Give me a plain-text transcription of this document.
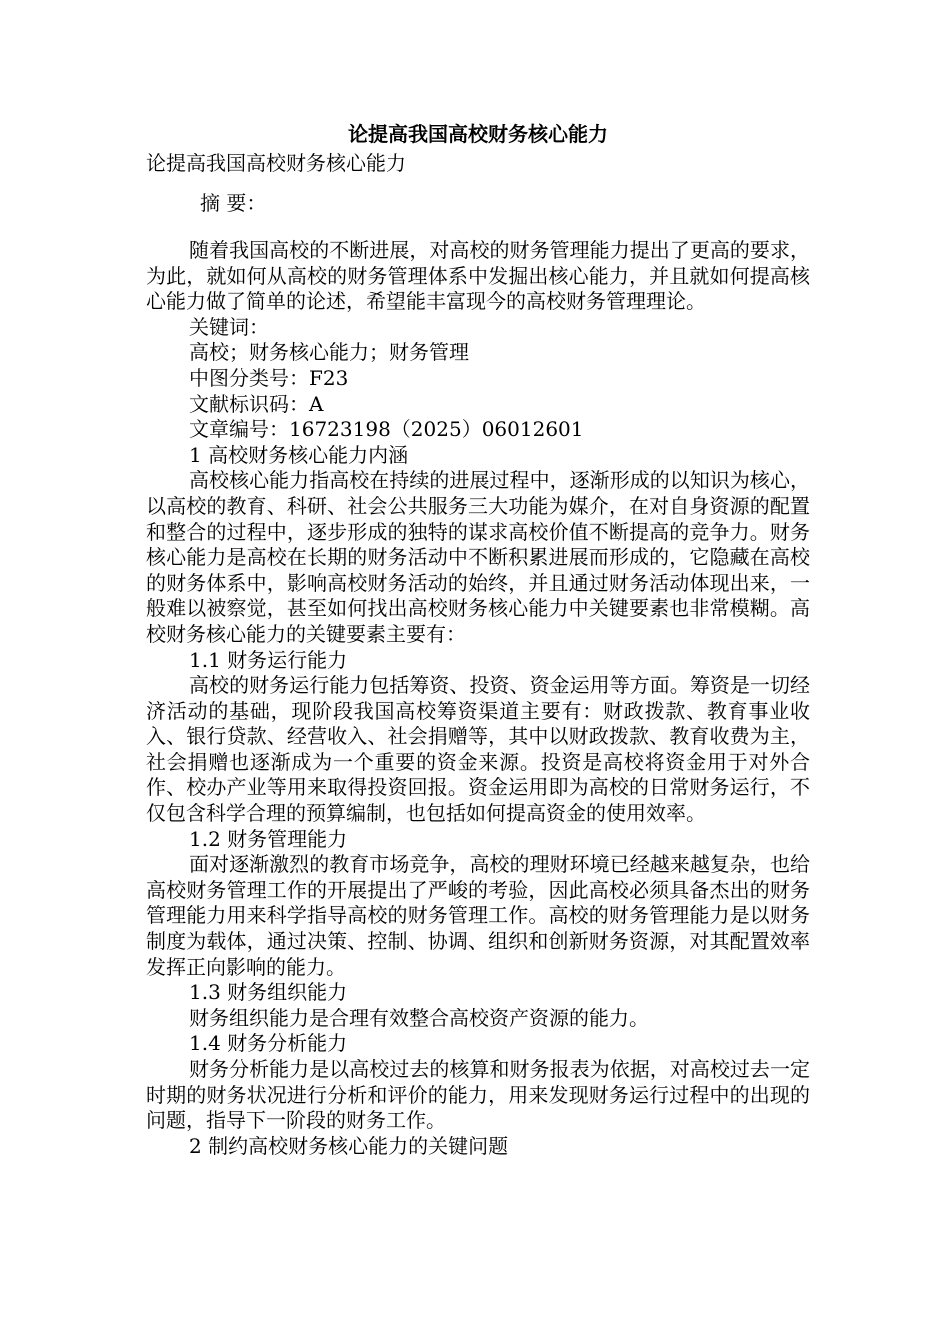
论提高我国高校财务核心能力

论提高我国高校财务核心能力

摘 要：

随着我国高校的不断进展，对高校的财务管理能力提出了更高的要求，为此，就如何从高校的财务管理体系中发掘出核心能力，并且就如何提高核心能力做了简单的论述，希望能丰富现今的高校财务管理理论。

关键词：

高校；财务核心能力；财务管理

中图分类号：F23

文献标识码：A

文章编号：16723198（2025）06012601

1 高校财务核心能力内涵

高校核心能力指高校在持续的进展过程中，逐渐形成的以知识为核心，以高校的教育、科研、社会公共服务三大功能为媒介，在对自身资源的配置和整合的过程中，逐步形成的独特的谋求高校价值不断提高的竞争力。财务核心能力是高校在长期的财务活动中不断积累进展而形成的，它隐藏在高校的财务体系中，影响高校财务活动的始终，并且通过财务活动体现出来，一般难以被察觉，甚至如何找出高校财务核心能力中关键要素也非常模糊。高校财务核心能力的关键要素主要有：

1.1 财务运行能力

高校的财务运行能力包括筹资、投资、资金运用等方面。筹资是一切经济活动的基础，现阶段我国高校筹资渠道主要有：财政拨款、教育事业收入、银行贷款、经营收入、社会捐赠等，其中以财政拨款、教育收费为主，社会捐赠也逐渐成为一个重要的资金来源。投资是高校将资金用于对外合作、校办产业等用来取得投资回报。资金运用即为高校的日常财务运行，不仅包含科学合理的预算编制，也包括如何提高资金的使用效率。

1.2 财务管理能力

面对逐渐激烈的教育市场竞争，高校的理财环境已经越来越复杂，也给高校财务管理工作的开展提出了严峻的考验，因此高校必须具备杰出的财务管理能力用来科学指导高校的财务管理工作。高校的财务管理能力是以财务制度为载体，通过决策、控制、协调、组织和创新财务资源，对其配置效率发挥正向影响的能力。

1.3 财务组织能力

财务组织能力是合理有效整合高校资产资源的能力。

1.4 财务分析能力

财务分析能力是以高校过去的核算和财务报表为依据，对高校过去一定时期的财务状况进行分析和评价的能力，用来发现财务运行过程中的出现的问题，指导下一阶段的财务工作。

2 制约高校财务核心能力的关键问题
